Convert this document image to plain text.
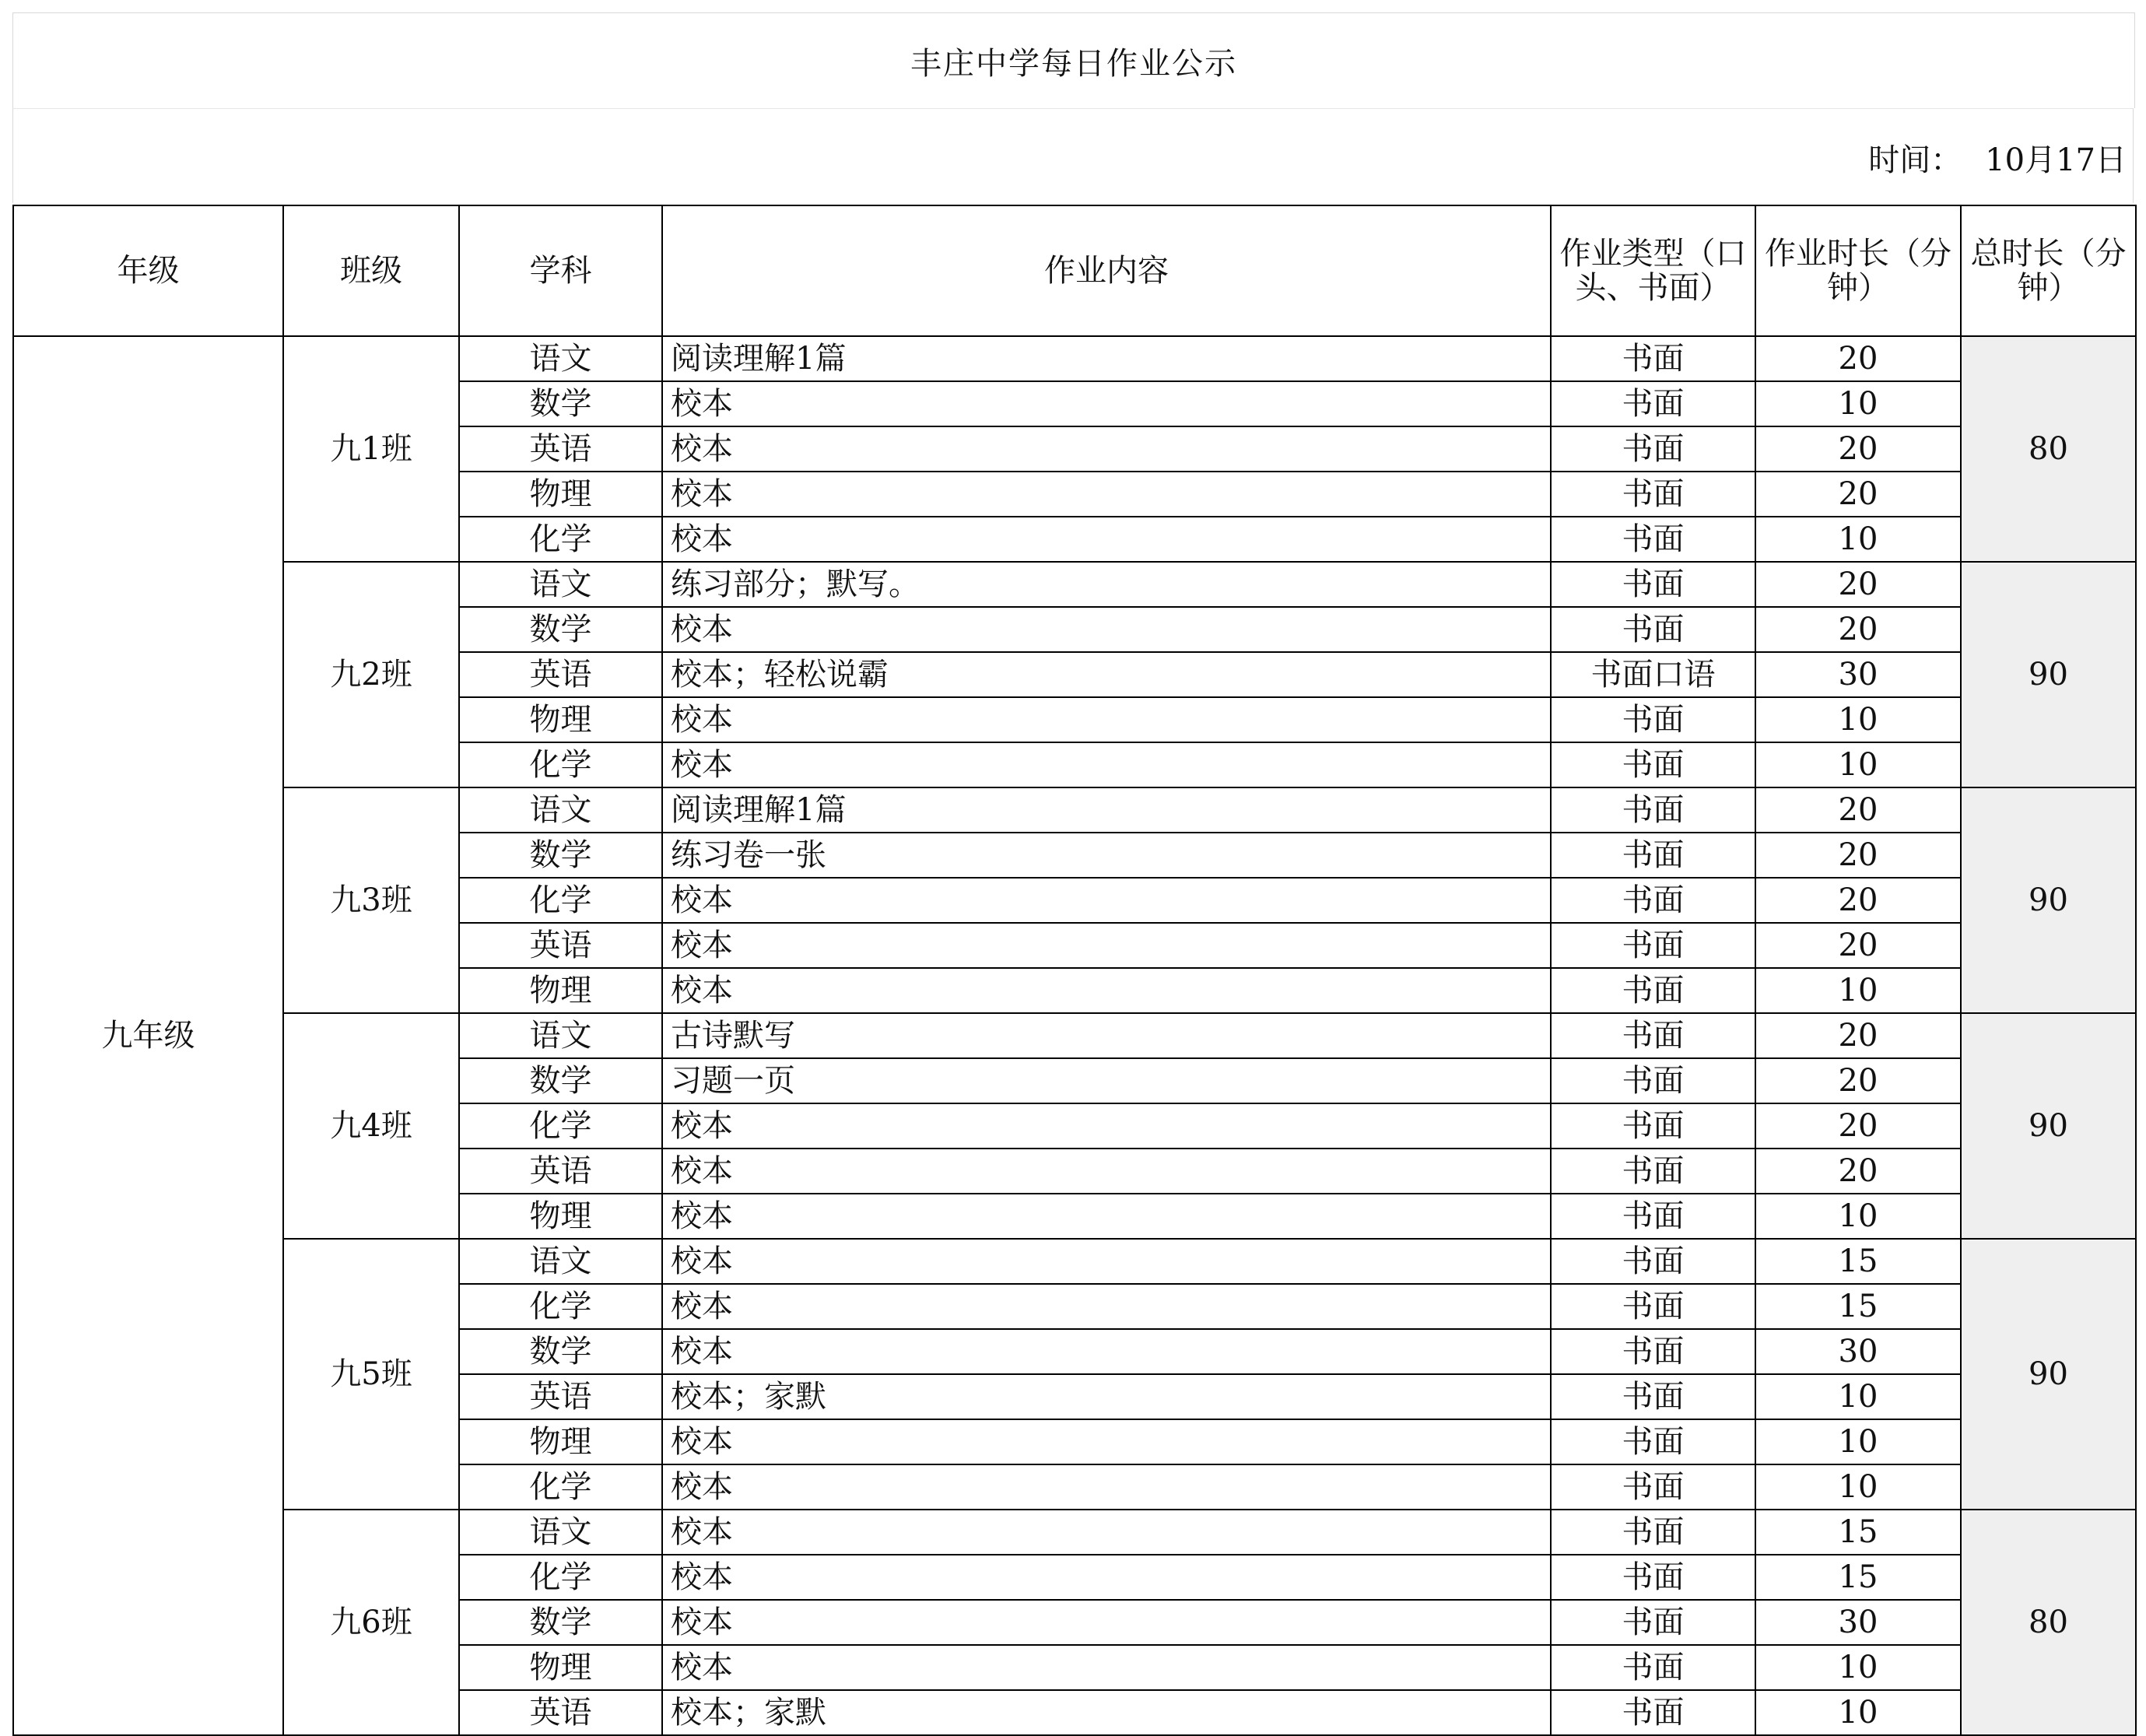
丰庄中学每日作业公示
时间： 10月17日
年级	班级	学科	作业内容	作业类型（口头、书面）	作业时长（分钟）	总时长（分钟）
九年级	九1班	语文	阅读理解1篇	书面	20	80
		数学	校本	书面	10	
		英语	校本	书面	20	
		物理	校本	书面	20	
		化学	校本	书面	10	
	九2班	语文	练习部分；默写。	书面	20	90
		数学	校本	书面	20	
		英语	校本；轻松说霸	书面口语	30	
		物理	校本	书面	10	
		化学	校本	书面	10	
	九3班	语文	阅读理解1篇	书面	20	90
		数学	练习卷一张	书面	20	
		化学	校本	书面	20	
		英语	校本	书面	20	
		物理	校本	书面	10	
	九4班	语文	古诗默写	书面	20	90
		数学	习题一页	书面	20	
		化学	校本	书面	20	
		英语	校本	书面	20	
		物理	校本	书面	10	
	九5班	语文	校本	书面	15	90
		化学	校本	书面	15	
		数学	校本	书面	30	
		英语	校本；家默	书面	10	
		物理	校本	书面	10	
		化学	校本	书面	10	
	九6班	语文	校本	书面	15	80
		化学	校本	书面	15	
		数学	校本	书面	30	
		物理	校本	书面	10	
		英语	校本；家默	书面	10	
